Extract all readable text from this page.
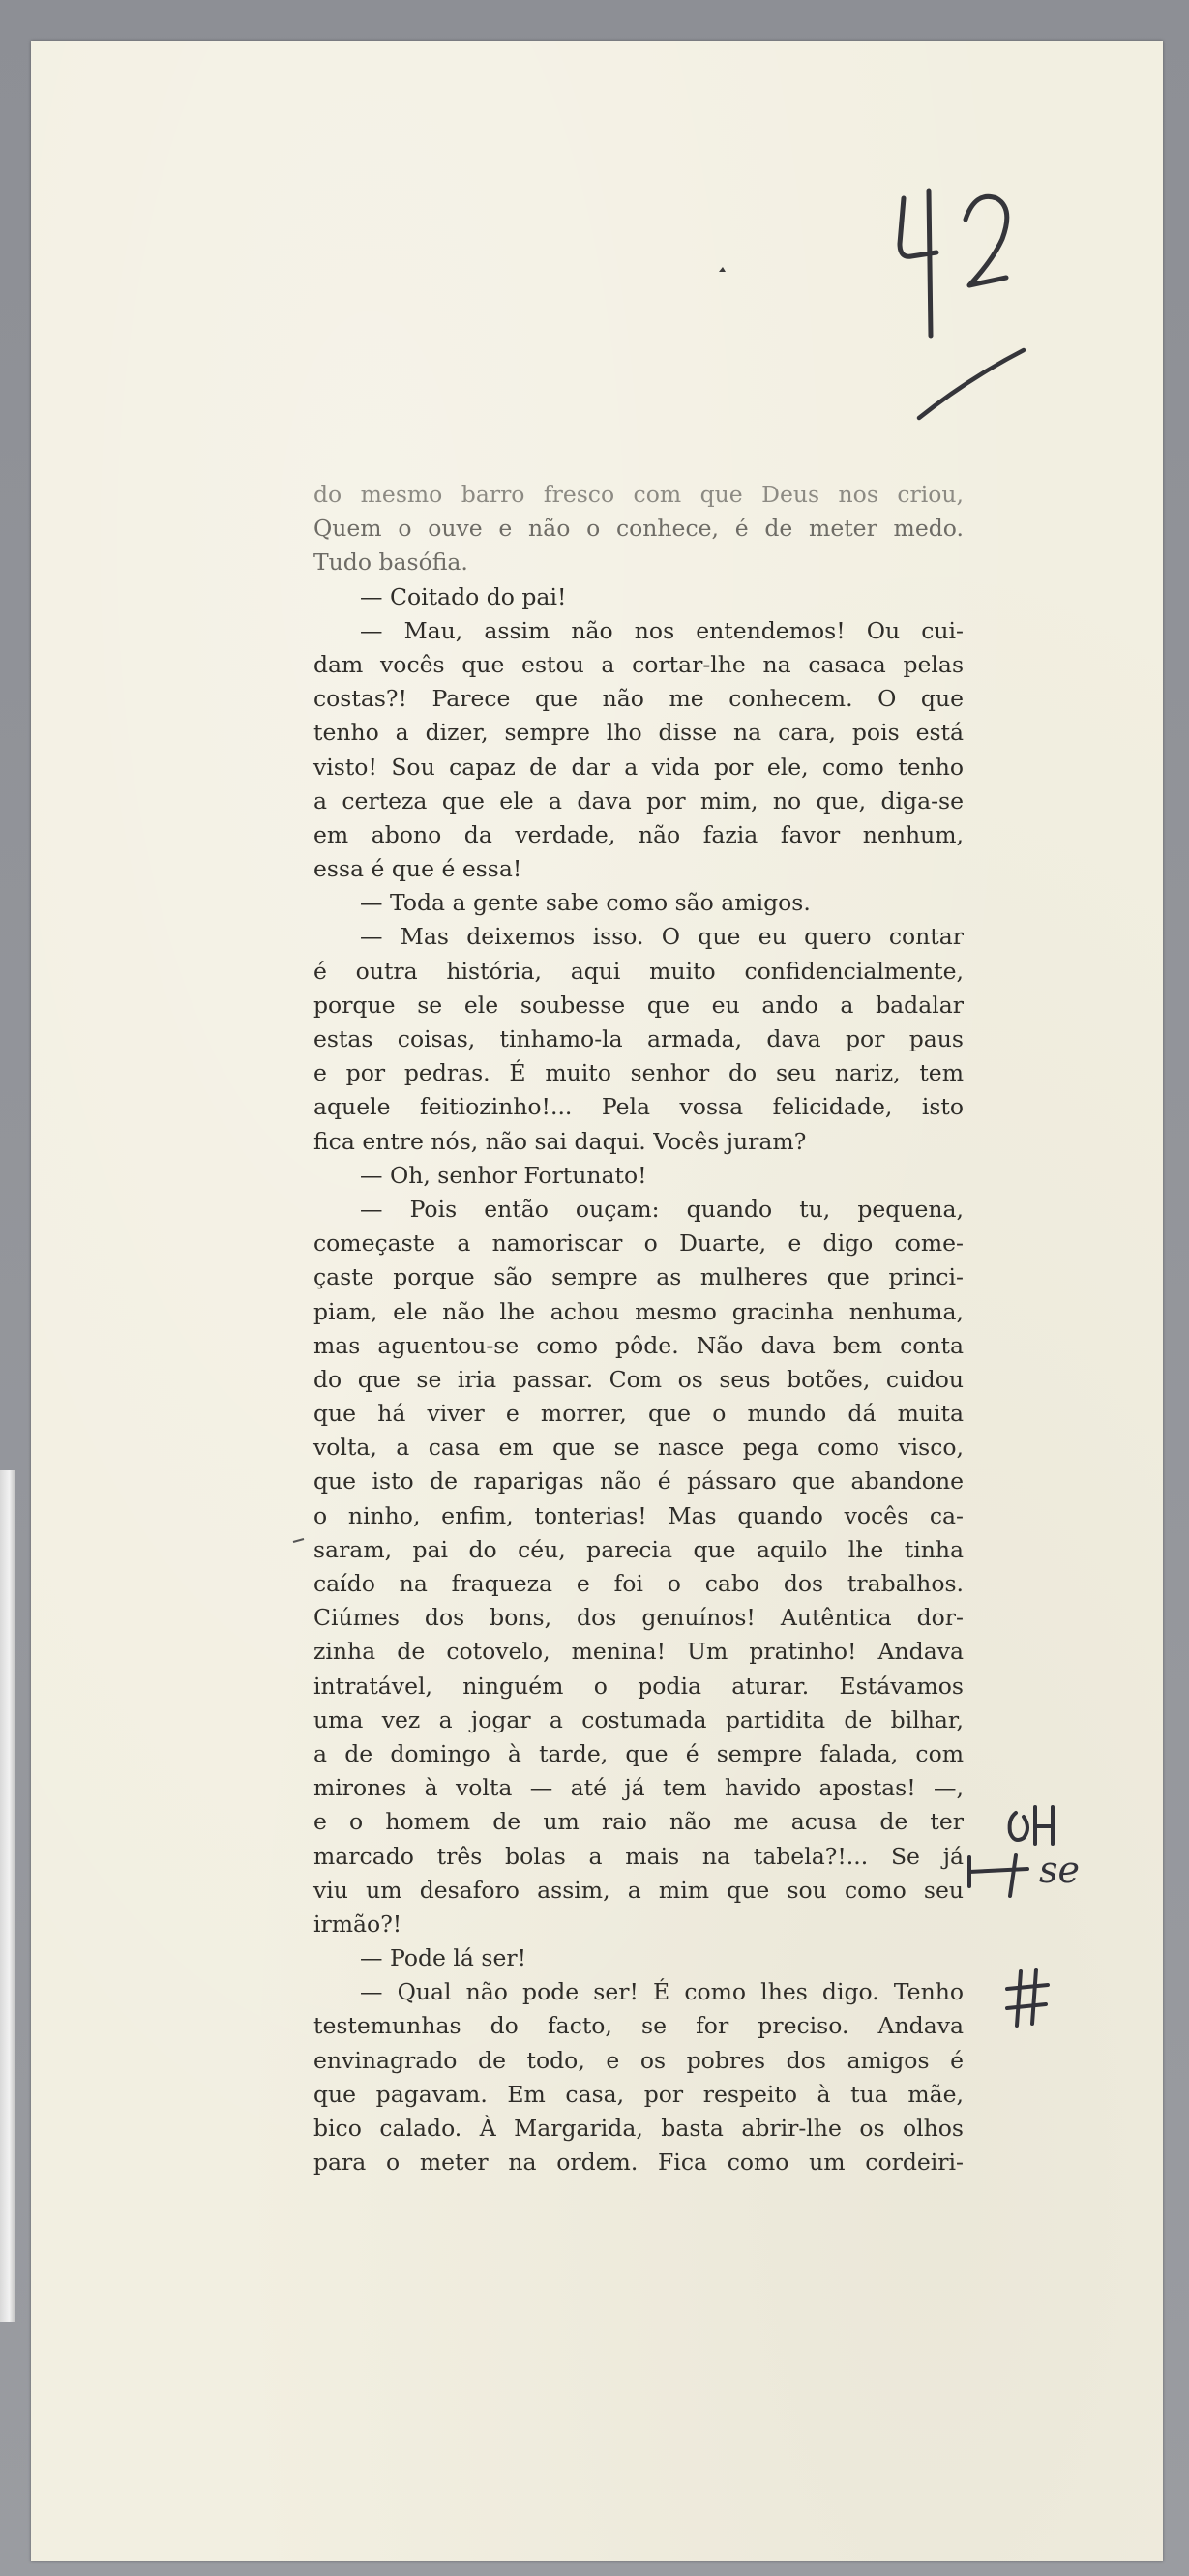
do mesmo barro fresco com que Deus nos criou,
Quem o ouve e não o conhece, é de meter medo.
Tudo basófia.
— Coitado do pai!
— Mau, assim não nos entendemos! Ou cui-
dam vocês que estou a cortar-lhe na casaca pelas
costas?! Parece que não me conhecem. O que
tenho a dizer, sempre lho disse na cara, pois está
visto! Sou capaz de dar a vida por ele, como tenho
a certeza que ele a dava por mim, no que, diga-se
em abono da verdade, não fazia favor nenhum,
essa é que é essa!
— Toda a gente sabe como são amigos.
— Mas deixemos isso. O que eu quero contar
é outra história, aqui muito confidencialmente,
porque se ele soubesse que eu ando a badalar
estas coisas, tinhamo-la armada, dava por paus
e por pedras. É muito senhor do seu nariz, tem
aquele feitiozinho!... Pela vossa felicidade, isto
fica entre nós, não sai daqui. Vocês juram?
— Oh, senhor Fortunato!
— Pois então ouçam: quando tu, pequena,
começaste a namoriscar o Duarte, e digo come-
çaste porque são sempre as mulheres que princi-
piam, ele não lhe achou mesmo gracinha nenhuma,
mas aguentou-se como pôde. Não dava bem conta
do que se iria passar. Com os seus botões, cuidou
que há viver e morrer, que o mundo dá muita
volta, a casa em que se nasce pega como visco,
que isto de raparigas não é pássaro que abandone
o ninho, enfim, tonterias! Mas quando vocês ca-
saram, pai do céu, parecia que aquilo lhe tinha
caído na fraqueza e foi o cabo dos trabalhos.
Ciúmes dos bons, dos genuínos! Autêntica dor-
zinha de cotovelo, menina! Um pratinho! Andava
intratável, ninguém o podia aturar. Estávamos
uma vez a jogar a costumada partidita de bilhar,
a de domingo à tarde, que é sempre falada, com
mirones à volta — até já tem havido apostas! —,
e o homem de um raio não me acusa de ter
marcado três bolas a mais na tabela?!... Se já
viu um desaforo assim, a mim que sou como seu
irmão?!
— Pode lá ser!
— Qual não pode ser! É como lhes digo. Tenho
testemunhas do facto, se for preciso. Andava
envinagrado de todo, e os pobres dos amigos é
que pagavam. Em casa, por respeito à tua mãe,
bico calado. À Margarida, basta abrir-lhe os olhos
para o meter na ordem. Fica como um cordeiri-
se
